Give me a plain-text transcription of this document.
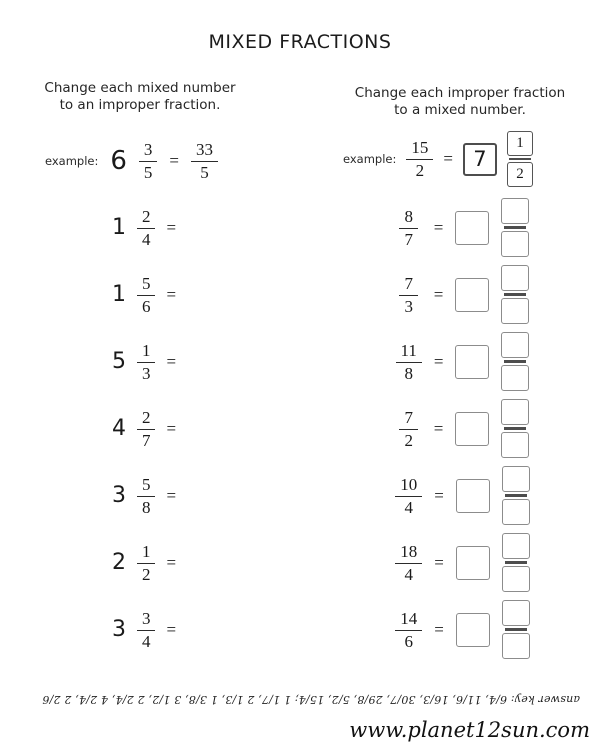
MIXED FRACTIONS
Change each mixed number
to an improper fraction.
Change each improper fraction
to a mixed number.
example: $6 \frac{3}{5} = \frac{33}{5}$	example: $\frac{15}{2} = 7$	$\frac{1}{2}$
$1 \frac{2}{4}$ =
$1 \frac{5}{6}$ =
$5 \frac{1}{3}$ =
$4 \frac{2}{7}$ =
$3 \frac{5}{8}$ =
$2 \frac{1}{2}$ =
$3 \frac{3}{4}$ =
$\frac{8}{7}$ =
$\frac{7}{3}$ =
$\frac{11}{8}$ =
$\frac{7}{2}$ =
$\frac{10}{4}$ =
$\frac{18}{4}$ =
$\frac{14}{6}$ =
answer key: 6/4, 11/6, 16/3, 30/7, 29/8, 5/2, 15/4; 1 1/7, 2 1/3, 1 3/8, 3 1/2, 2 2/4, 4 2/4, 2 2/6
www.planet12sun.com
